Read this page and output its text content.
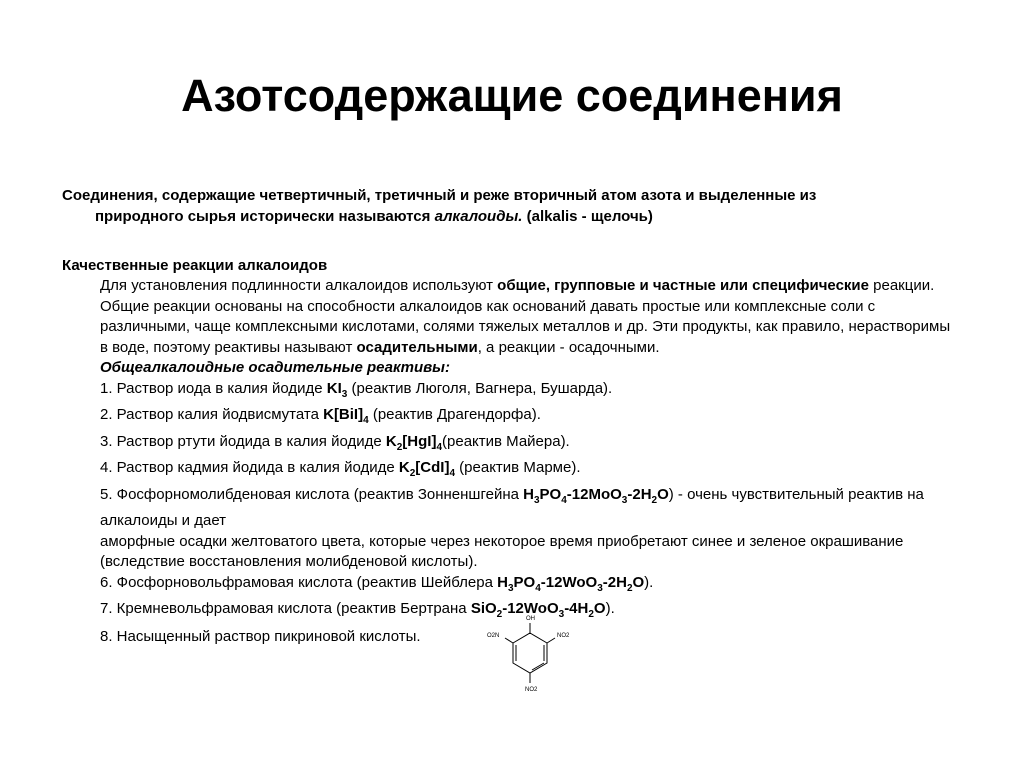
Азотсодержащие соединения
Соединения, содержащие четвертичный, третичный и реже вторичный атом азота и выделенные из
природного сырья исторически называются алкалоиды. (alkalis - щелочь)
Качественные реакции алкалоидов

Для установления подлинности алкалоидов используют общие, групповые и частные или специфические реакции.

Общие реакции основаны на способности алкалоидов как оснований давать простые или комплексные соли с различными, чаще комплексными кислотами, солями тяжелых металлов и др. Эти продукты, как правило, нерастворимы в воде, поэтому реактивы называют осадительными, а реакции - осадочными.

Общеалкалоидные осадительные реактивы:

1. Раствор иода в калия йодиде $KI_3$ (реактив Люголя, Вагнера, Бушарда).

2. Раствор калия йодвисмутата $K[BiI]_4$ (реактив Драгендорфа).

3. Раствор ртути йодида в калия йодиде $K_2[HgI]_4(реактив$ Майера).

4. Раствор кадмия йодида в калия йодиде $K_2[CdI]_4$ (реактив Марме).

5. Фосфорномолибденовая кислота (реактив Зонненшгейна $H_3PO_4-12MoO_3-2H_2O$) - очень чувствительный реактив на алкалоиды и дает

аморфные осадки желтоватого цвета, которые через некоторое время приобретают синее и зеленое окрашивание (вследствие восстановления молибденовой кислоты).

6. Фосфорновольфрамовая кислота (реактив Шейблера $H_3PO_4-12WoO_3-2H_2O$).

7. Кремневольфрамовая кислота (реактив Бертрана $SiO_2-12WoO_3-4H_2O$).

8. Насыщенный раствор пикриновой кислоты.
OH
O2N	NO2
NO2
